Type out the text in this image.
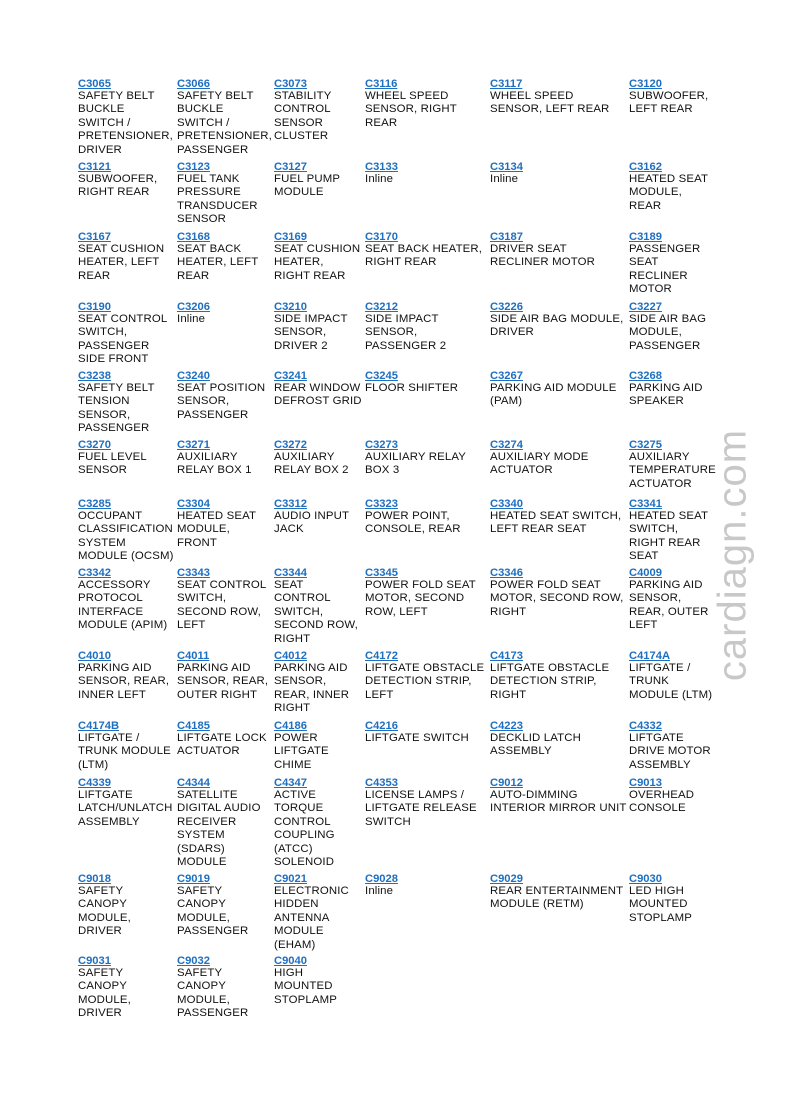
C3065
SAFETY BELT
BUCKLE
SWITCH /
PRETENSIONER,
DRIVER
C3066
SAFETY BELT
BUCKLE
SWITCH /
PRETENSIONER,
PASSENGER
C3073
STABILITY
CONTROL
SENSOR
CLUSTER
C3116
WHEEL SPEED
SENSOR, RIGHT
REAR
C3117
WHEEL SPEED
SENSOR, LEFT REAR
C3120
SUBWOOFER,
LEFT REAR
C3121
SUBWOOFER,
RIGHT REAR
C3123
FUEL TANK
PRESSURE
TRANSDUCER
SENSOR
C3127
FUEL PUMP
MODULE
C3133
Inline
C3134
Inline
C3162
HEATED SEAT
MODULE,
REAR
C3167
SEAT CUSHION
HEATER, LEFT
REAR
C3168
SEAT BACK
HEATER, LEFT
REAR
C3169
SEAT CUSHION
HEATER,
RIGHT REAR
C3170
SEAT BACK HEATER,
RIGHT REAR
C3187
DRIVER SEAT
RECLINER MOTOR
C3189
PASSENGER
SEAT
RECLINER
MOTOR
C3190
SEAT CONTROL
SWITCH,
PASSENGER
SIDE FRONT
C3206
Inline
C3210
SIDE IMPACT
SENSOR,
DRIVER 2
C3212
SIDE IMPACT
SENSOR,
PASSENGER 2
C3226
SIDE AIR BAG MODULE,
DRIVER
C3227
SIDE AIR BAG
MODULE,
PASSENGER
C3238
SAFETY BELT
TENSION
SENSOR,
PASSENGER
C3240
SEAT POSITION
SENSOR,
PASSENGER
C3241
REAR WINDOW
DEFROST GRID
C3245
FLOOR SHIFTER
C3267
PARKING AID MODULE
(PAM)
C3268
PARKING AID
SPEAKER
C3270
FUEL LEVEL
SENSOR
C3271
AUXILIARY
RELAY BOX 1
C3272
AUXILIARY
RELAY BOX 2
C3273
AUXILIARY RELAY
BOX 3
C3274
AUXILIARY MODE
ACTUATOR
C3275
AUXILIARY
TEMPERATURE
ACTUATOR
C3285
OCCUPANT
CLASSIFICATION
SYSTEM
MODULE (OCSM)
C3304
HEATED SEAT
MODULE,
FRONT
C3312
AUDIO INPUT
JACK
C3323
POWER POINT,
CONSOLE, REAR
C3340
HEATED SEAT SWITCH,
LEFT REAR SEAT
C3341
HEATED SEAT
SWITCH,
RIGHT REAR
SEAT
C3342
ACCESSORY
PROTOCOL
INTERFACE
MODULE (APIM)
C3343
SEAT CONTROL
SWITCH,
SECOND ROW,
LEFT
C3344
SEAT
CONTROL
SWITCH,
SECOND ROW,
RIGHT
C3345
POWER FOLD SEAT
MOTOR, SECOND
ROW, LEFT
C3346
POWER FOLD SEAT
MOTOR, SECOND ROW,
RIGHT
C4009
PARKING AID
SENSOR,
REAR, OUTER
LEFT
C4010
PARKING AID
SENSOR, REAR,
INNER LEFT
C4011
PARKING AID
SENSOR, REAR,
OUTER RIGHT
C4012
PARKING AID
SENSOR,
REAR, INNER
RIGHT
C4172
LIFTGATE OBSTACLE
DETECTION STRIP,
LEFT
C4173
LIFTGATE OBSTACLE
DETECTION STRIP,
RIGHT
C4174A
LIFTGATE /
TRUNK
MODULE (LTM)
C4174B
LIFTGATE /
TRUNK MODULE
(LTM)
C4185
LIFTGATE LOCK
ACTUATOR
C4186
POWER
LIFTGATE
CHIME
C4216
LIFTGATE SWITCH
C4223
DECKLID LATCH
ASSEMBLY
C4332
LIFTGATE
DRIVE MOTOR
ASSEMBLY
C4339
LIFTGATE
LATCH/UNLATCH
ASSEMBLY
C4344
SATELLITE
DIGITAL AUDIO
RECEIVER
SYSTEM
(SDARS)
MODULE
C4347
ACTIVE
TORQUE
CONTROL
COUPLING
(ATCC)
SOLENOID
C4353
LICENSE LAMPS /
LIFTGATE RELEASE
SWITCH
C9012
AUTO-DIMMING
INTERIOR MIRROR UNIT
C9013
OVERHEAD
CONSOLE
C9018
SAFETY
CANOPY
MODULE,
DRIVER
C9019
SAFETY
CANOPY
MODULE,
PASSENGER
C9021
ELECTRONIC
HIDDEN
ANTENNA
MODULE
(EHAM)
C9028
Inline
C9029
REAR ENTERTAINMENT
MODULE (RETM)
C9030
LED HIGH
MOUNTED
STOPLAMP
C9031
SAFETY
CANOPY
MODULE,
DRIVER
C9032
SAFETY
CANOPY
MODULE,
PASSENGER
C9040
HIGH
MOUNTED
STOPLAMP
cardiagn.com
